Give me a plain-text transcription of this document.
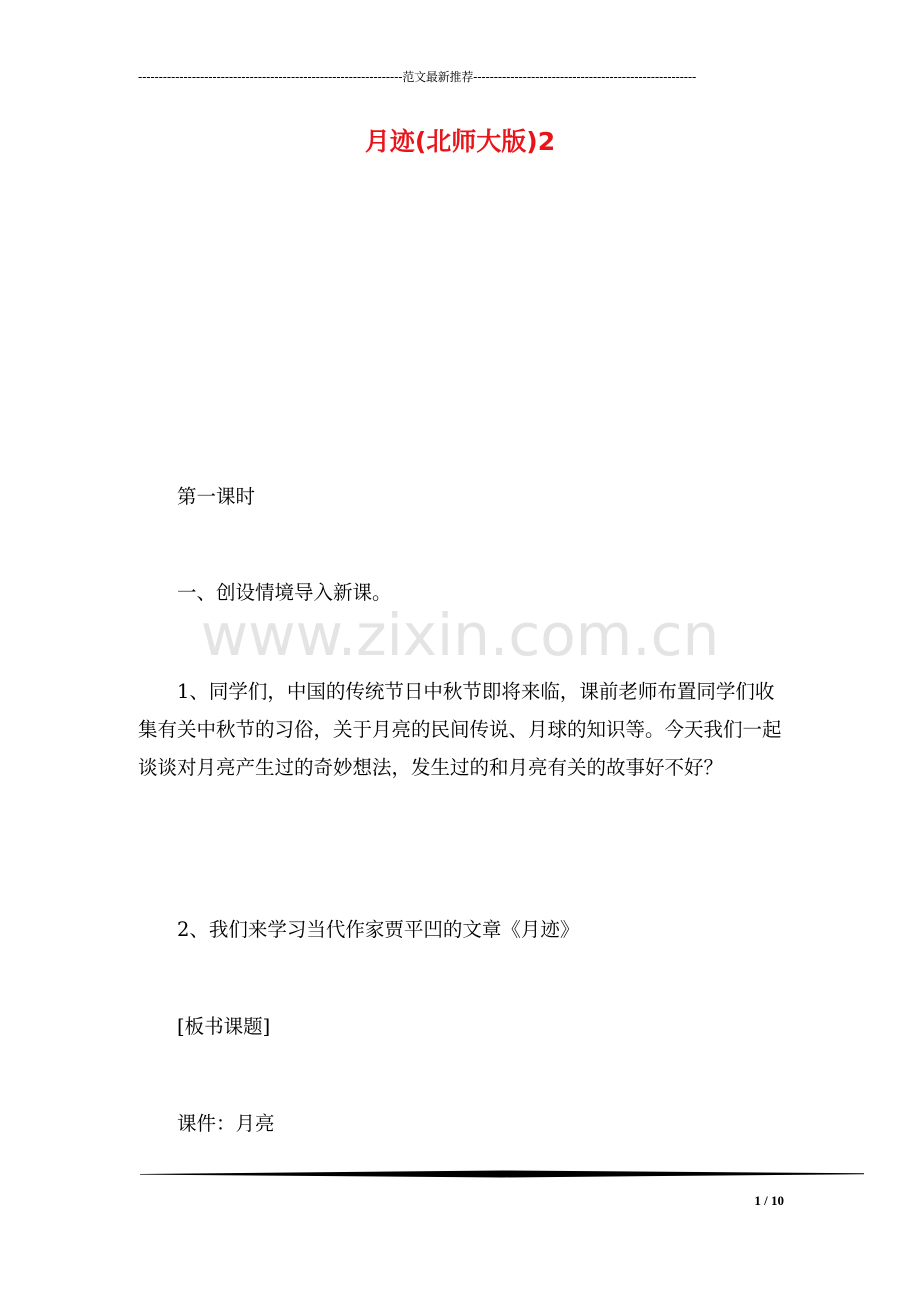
----------------------------------------------------------------范文最新推荐------------------------------------------------------
月迹(北师大版)2
www.zixin.com.cn

第一课时

一、创设情境导入新课。

1、同学们，中国的传统节日中秋节即将来临，课前老师布置同学们收集有关中秋节的习俗，关于月亮的民间传说、月球的知识等。今天我们一起谈谈对月亮产生过的奇妙想法，发生过的和月亮有关的故事好不好？

2、我们来学习当代作家贾平凹的文章《月迹》

[板书课题]

课件：月亮

1 / 10
